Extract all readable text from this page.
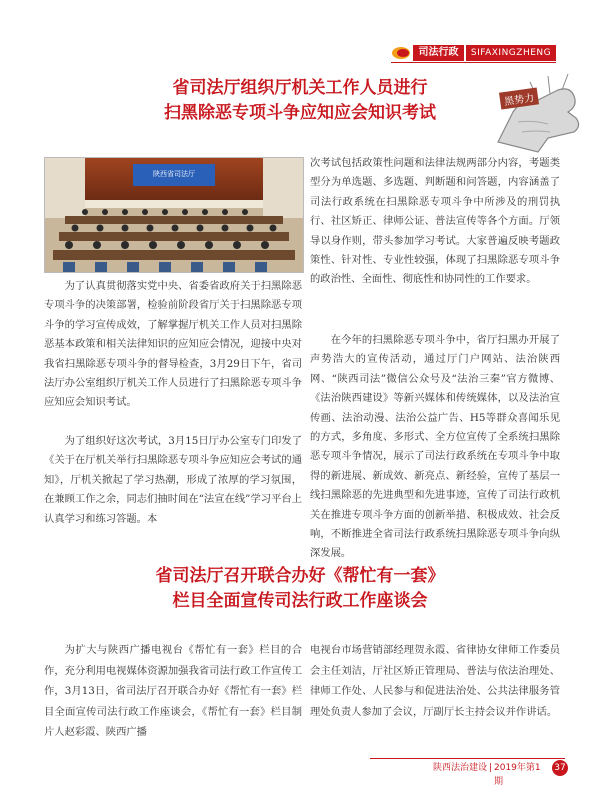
司法行政	SIFAXINGZHENG
黑势力
省司法厅组织厅机关工作人员进行
扫黑除恶专项斗争应知应会知识考试
陕西省司法厅
为了认真贯彻落实党中央、省委省政府关于扫黑除恶专项斗争的决策部署，检验前阶段省厅关于扫黑除恶专项斗争的学习宣传成效，了解掌握厅机关工作人员对扫黑除恶基本政策和相关法律知识的应知应会情况，迎接中央对我省扫黑除恶专项斗争的督导检查，3月29日下午，省司法厅办公室组织厅机关工作人员进行了扫黑除恶专项斗争应知应会知识考试。
为了组织好这次考试，3月15日厅办公室专门印发了《关于在厅机关举行扫黑除恶专项斗争应知应会考试的通知》，厅机关掀起了学习热潮，形成了浓厚的学习氛围，在兼顾工作之余，同志们抽时间在“法宣在线”学习平台上认真学习和练习答题。本
次考试包括政策性问题和法律法规两部分内容，考题类型分为单选题、多选题、判断题和问答题，内容涵盖了司法行政系统在扫黑除恶专项斗争中所涉及的刑罚执行、社区矫正、律师公证、普法宣传等各个方面。厅领导以身作则，带头参加学习考试。大家普遍反映考题政策性、针对性、专业性较强，体现了扫黑除恶专项斗争的政治性、全面性、彻底性和协同性的工作要求。
在今年的扫黑除恶专项斗争中，省厅扫黑办开展了声势浩大的宣传活动，通过厅门户网站、法治陕西网、“陕西司法”微信公众号及“法治三秦”官方微博、《法治陕西建设》等新兴媒体和传统媒体，以及法治宣传画、法治动漫、法治公益广告、H5等群众喜闻乐见的方式，多角度、多形式、全方位宣传了全系统扫黑除恶专项斗争情况，展示了司法行政系统在专项斗争中取得的新进展、新成效、新亮点、新经验，宣传了基层一线扫黑除恶的先进典型和先进事迹，宣传了司法行政机关在推进专项斗争方面的创新举措、积极成效、社会反响，不断推进全省司法行政系统扫黑除恶专项斗争向纵深发展。
省司法厅召开联合办好《帮忙有一套》
栏目全面宣传司法行政工作座谈会
为扩大与陕西广播电视台《帮忙有一套》栏目的合作，充分利用电视媒体资源加强我省司法行政工作宣传工作，3月13日，省司法厅召开联合办好《帮忙有一套》栏目全面宣传司法行政工作座谈会，《帮忙有一套》栏目制片人赵彩霞、陕西广播
电视台市场营销部经理贺永霞、省律协女律师工作委员会主任刘洁，厅社区矫正管理局、普法与依法治理处、律师工作处、人民参与和促进法治处、公共法律服务管理处负责人参加了会议，厅副厅长主持会议并作讲话。
陕西法治建设 | 2019年第1期
37
